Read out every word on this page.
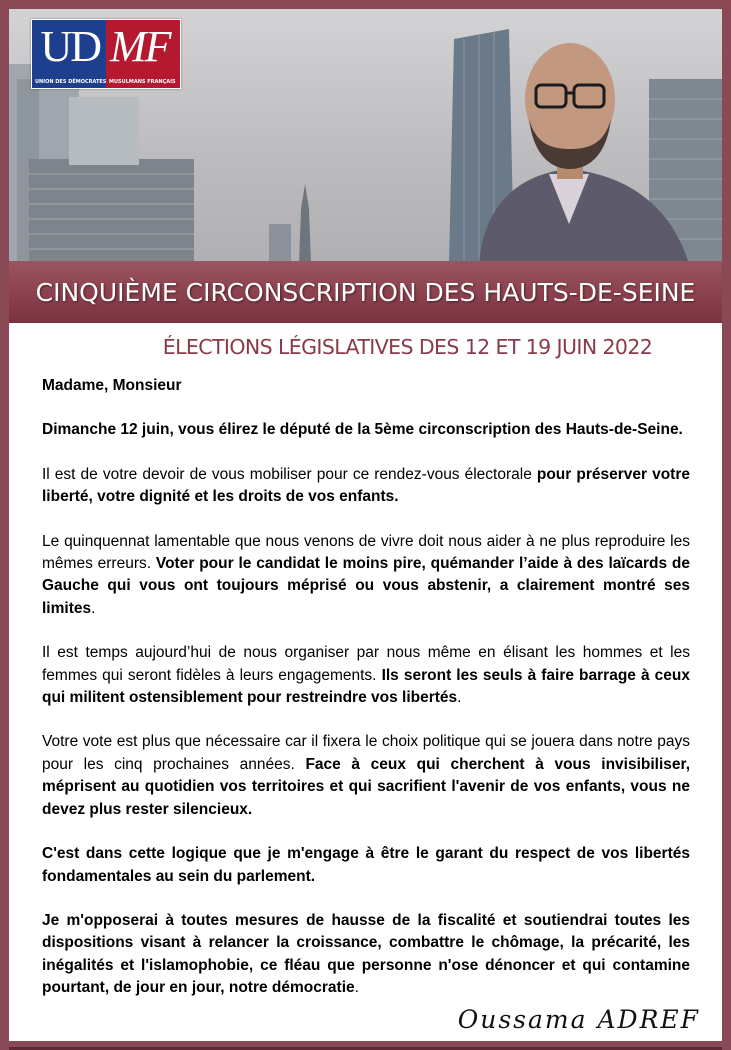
UD
UNION DES DÉMOCRATES
MF
MUSULMANS FRANÇAIS
CINQUIÈME CIRCONSCRIPTION DES HAUTS-DE-SEINE
ÉLECTIONS LÉGISLATIVES DES 12 ET 19 JUIN 2022

Madame, Monsieur

Dimanche 12 juin, vous élirez le député de la 5ème circonscription des Hauts-de-Seine.

Il est de votre devoir de vous mobiliser pour ce rendez-vous électorale pour préserver votre liberté, votre dignité et les droits de vos enfants.

Le quinquennat lamentable que nous venons de vivre doit nous aider à ne plus reproduire les mêmes erreurs. Voter pour le candidat le moins pire, quémander l’aide à des laïcards de Gauche qui vous ont toujours méprisé ou vous abstenir, a clairement montré ses limites.

Il est temps aujourd’hui de nous organiser par nous même en élisant les hommes et les femmes qui seront fidèles à leurs engagements. Ils seront les seuls à faire barrage à ceux qui militent ostensiblement pour restreindre vos libertés.

Votre vote est plus que nécessaire car il fixera le choix politique qui se jouera dans notre pays pour les cinq prochaines années. Face à ceux qui cherchent à vous invisibiliser, méprisent au quotidien vos territoires et qui sacrifient l'avenir de vos enfants, vous ne devez plus rester silencieux.

C'est dans cette logique que je m'engage à être le garant du respect de vos libertés fondamentales au sein du parlement.

Je m'opposerai à toutes mesures de hausse de la fiscalité et soutiendrai toutes les dispositions visant à relancer la croissance, combattre le chômage, la précarité, les inégalités et l'islamophobie, ce fléau que personne n'ose dénoncer et qui contamine pourtant, de jour en jour, notre démocratie.

Oussama ADREF
